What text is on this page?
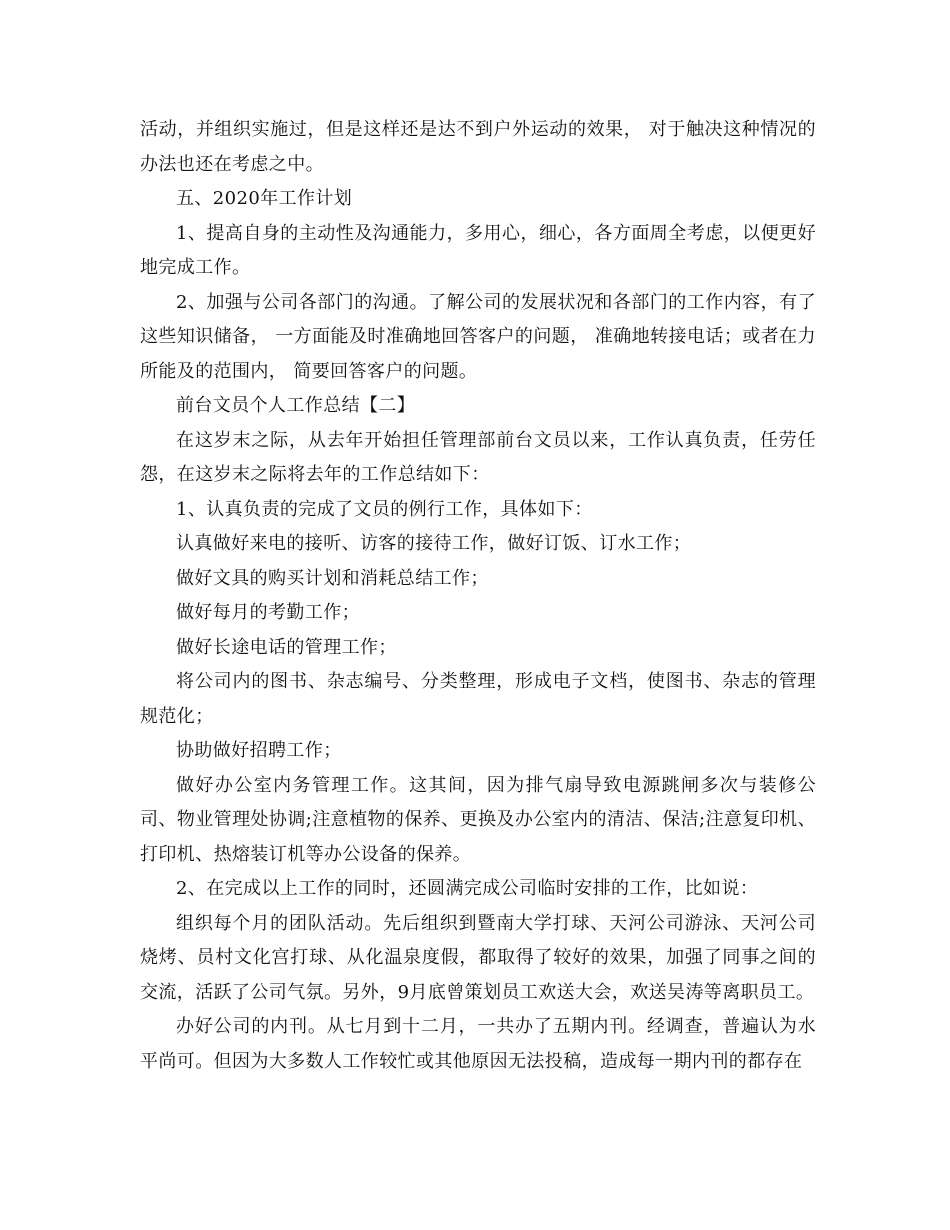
活动，并组织实施过，但是这样还是达不到户外运动的效果， 对于触决这种情况的办法也还在考虑之中。

五、2020年工作计划

1、提高自身的主动性及沟通能力，多用心，细心，各方面周全考虑，以便更好地完成工作。

2、加强与公司各部门的沟通。了解公司的发展状况和各部门的工作内容，有了这些知识储备， 一方面能及时准确地回答客户的问题， 准确地转接电话；或者在力所能及的范围内， 简要回答客户的问题。

前台文员个人工作总结【二】

在这岁末之际，从去年开始担任管理部前台文员以来，工作认真负责，任劳任怨，在这岁末之际将去年的工作总结如下：

1、认真负责的完成了文员的例行工作，具体如下：

认真做好来电的接听、访客的接待工作，做好订饭、订水工作；

做好文具的购买计划和消耗总结工作；

做好每月的考勤工作；

做好长途电话的管理工作；

将公司内的图书、杂志编号、分类整理，形成电子文档，使图书、杂志的管理规范化；

协助做好招聘工作；

做好办公室内务管理工作。这其间，因为排气扇导致电源跳闸多次与装修公司、物业管理处协调;注意植物的保养、更换及办公室内的清洁、保洁;注意复印机、打印机、热熔装订机等办公设备的保养。

2、在完成以上工作的同时，还圆满完成公司临时安排的工作，比如说：

组织每个月的团队活动。先后组织到暨南大学打球、天河公司游泳、天河公司烧烤、员村文化宫打球、从化温泉度假，都取得了较好的效果，加强了同事之间的交流，活跃了公司气氛。另外，9月底曾策划员工欢送大会，欢送吴涛等离职员工。

办好公司的内刊。从七月到十二月，一共办了五期内刊。经调查，普遍认为水平尚可。但因为大多数人工作较忙或其他原因无法投稿，造成每一期内刊的都存在
